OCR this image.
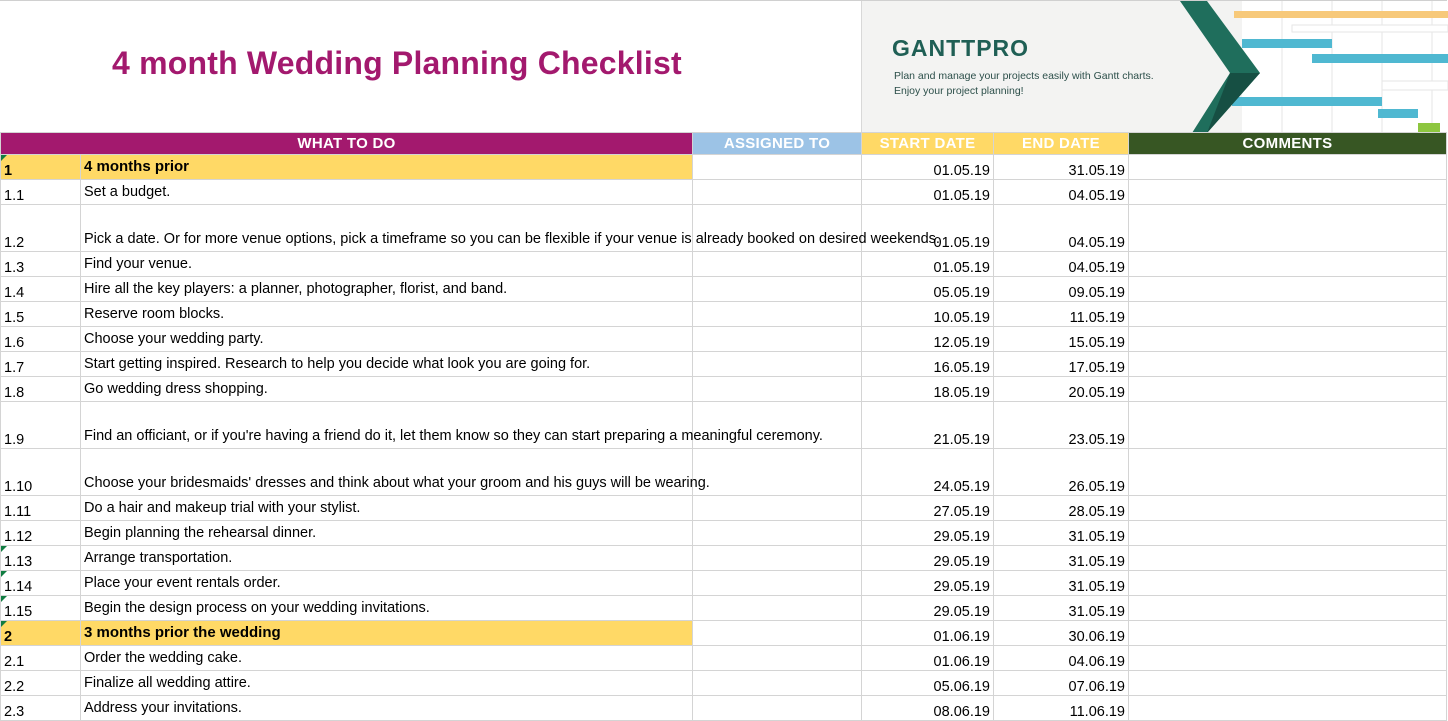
4 month Wedding Planning Checklist	GANTTPRO
Plan and manage your projects easily with Gantt charts.
Enjoy your project planning!
WHAT TO DO		ASSIGNED TO	START DATE	END DATE	COMMENTS
1	4 months prior		01.05.19	31.05.19	
1.1	Set a budget.		01.05.19	04.05.19	
1.2	Pick a date. Or for more venue options, pick a timeframe so you can be flexible if your venue is already booked on desired weekends.		01.05.19	04.05.19	
1.3	Find your venue.		01.05.19	04.05.19	
1.4	Hire all the key players: a planner, photographer, florist, and band.		05.05.19	09.05.19	
1.5	Reserve room blocks.		10.05.19	11.05.19	
1.6	Choose your wedding party.		12.05.19	15.05.19	
1.7	Start getting inspired. Research to help you decide what look you are going for.		16.05.19	17.05.19	
1.8	Go wedding dress shopping.		18.05.19	20.05.19	
1.9	Find an officiant, or if you're having a friend do it, let them know so they can start preparing a meaningful ceremony.		21.05.19	23.05.19	
1.10	Choose your bridesmaids' dresses and think about what your groom and his guys will be wearing.		24.05.19	26.05.19	
1.11	Do a hair and makeup trial with your stylist.		27.05.19	28.05.19	
1.12	Begin planning the rehearsal dinner.		29.05.19	31.05.19	
1.13	Arrange transportation.		29.05.19	31.05.19	
1.14	Place your event rentals order.		29.05.19	31.05.19	
1.15	Begin the design process on your wedding invitations.		29.05.19	31.05.19	
2	3 months prior the wedding		01.06.19	30.06.19	
2.1	Order the wedding cake.		01.06.19	04.06.19	
2.2	Finalize all wedding attire.		05.06.19	07.06.19	
2.3	Address your invitations.		08.06.19	11.06.19	
